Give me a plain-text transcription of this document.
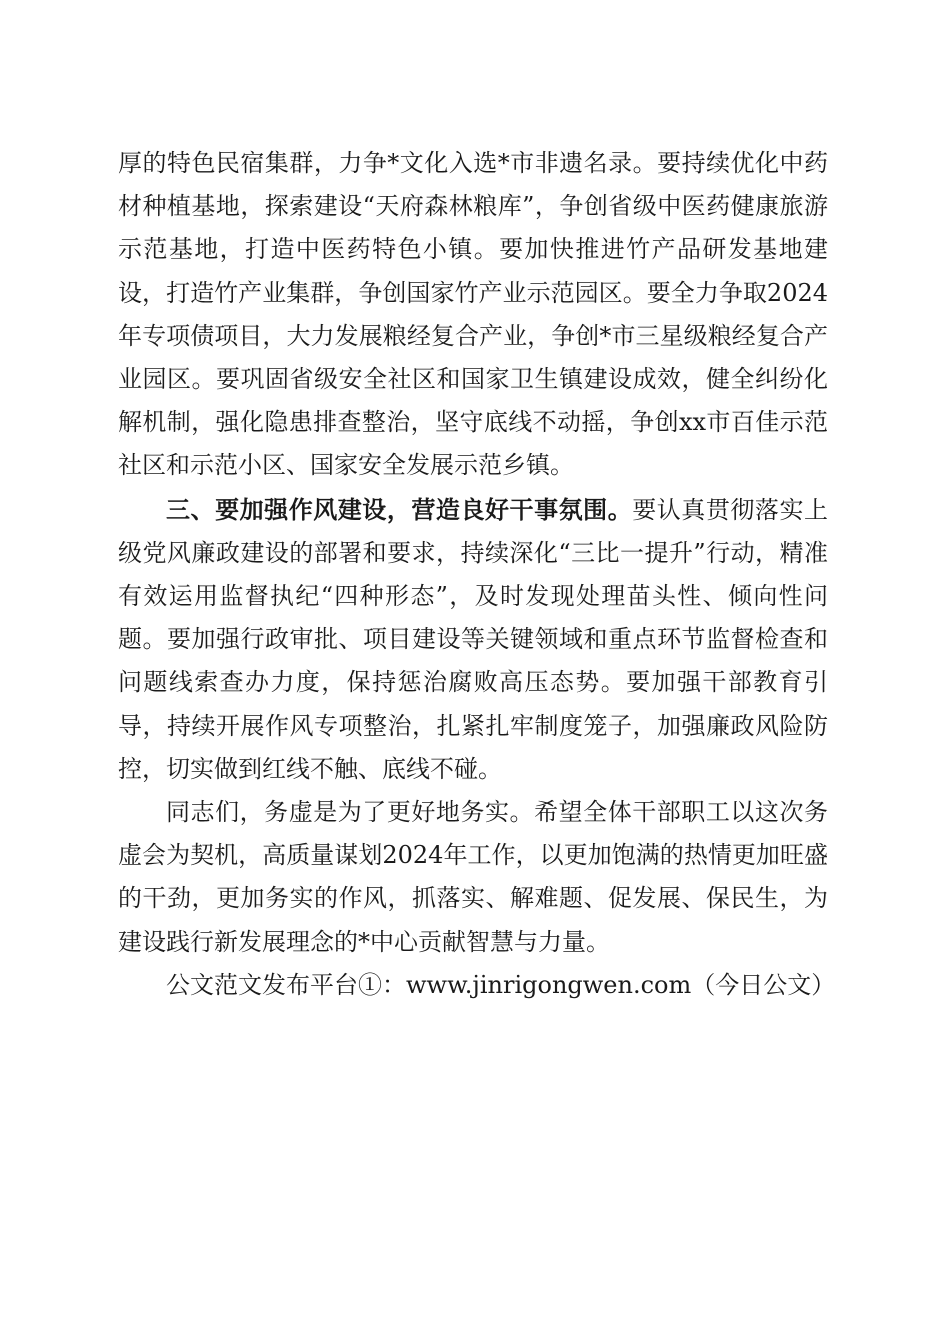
厚的特色民宿集群，力争*文化入选*市非遗名录。要持续优化中药材种植基地，探索建设“天府森林粮库”，争创省级中医药健康旅游示范基地，打造中医药特色小镇。要加快推进竹产品研发基地建设，打造竹产业集群，争创国家竹产业示范园区。要全力争取2024年专项债项目，大力发展粮经复合产业，争创*市三星级粮经复合产业园区。要巩固省级安全社区和国家卫生镇建设成效，健全纠纷化解机制，强化隐患排查整治，坚守底线不动摇，争创xx市百佳示范社区和示范小区、国家安全发展示范乡镇。

三、要加强作风建设，营造良好干事氛围。要认真贯彻落实上级党风廉政建设的部署和要求，持续深化“三比一提升”行动，精准有效运用监督执纪“四种形态”，及时发现处理苗头性、倾向性问题。要加强行政审批、项目建设等关键领域和重点环节监督检查和问题线索查办力度，保持惩治腐败高压态势。要加强干部教育引导，持续开展作风专项整治，扎紧扎牢制度笼子，加强廉政风险防控，切实做到红线不触、底线不碰。

同志们，务虚是为了更好地务实。希望全体干部职工以这次务虚会为契机，高质量谋划2024年工作，以更加饱满的热情更加旺盛的干劲，更加务实的作风，抓落实、解难题、促发展、保民生，为建设践行新发展理念的*中心贡献智慧与力量。

公文范文发布平台①：www.jinrigongwen.com（今日公文）
